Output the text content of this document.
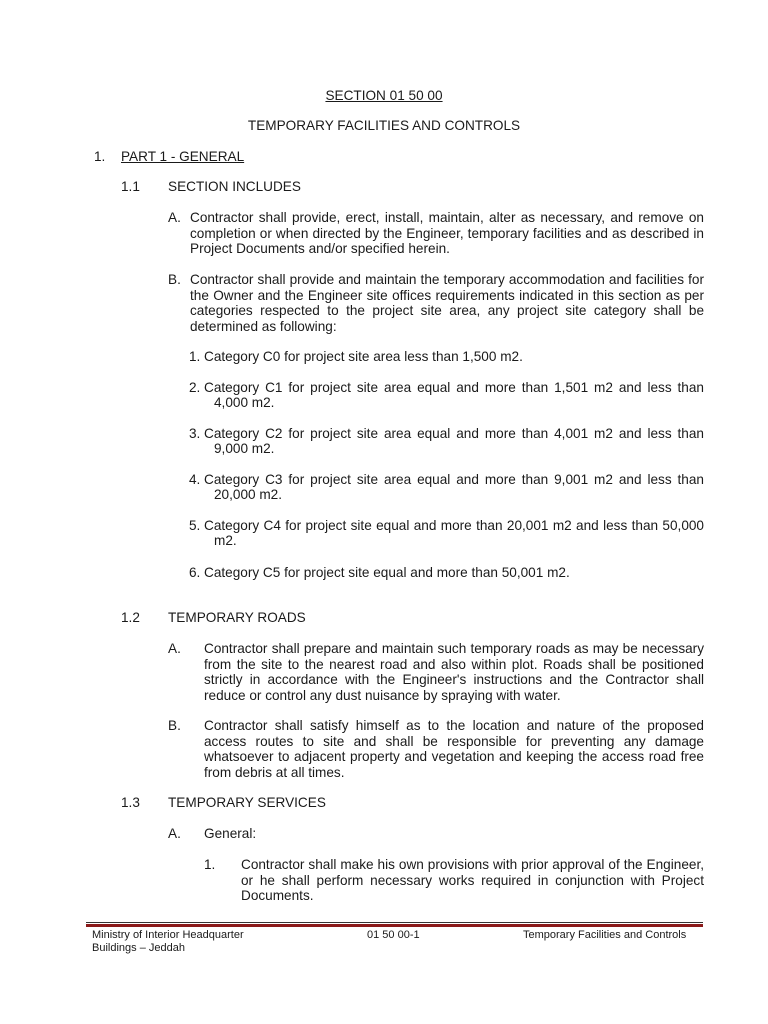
SECTION 01 50 00
TEMPORARY FACILITIES AND CONTROLS
1. PART 1 - GENERAL
1.1 SECTION INCLUDES
A. Contractor shall provide, erect, install, maintain, alter as necessary, and remove on completion or when directed by the Engineer, temporary facilities and as described in Project Documents and/or specified herein.

B. Contractor shall provide and maintain the temporary accommodation and facilities for the Owner and the Engineer site offices requirements indicated in this section as per categories respected to the project site area, any project site category shall be determined as following:

1. Category C0 for project site area less than 1,500 m2.
2. Category C1 for project site area equal and more than 1,501 m2 and less than
4,000 m2.
3. Category C2 for project site area equal and more than 4,001 m2 and less than
9,000 m2.
4. Category C3 for project site area equal and more than 9,001 m2 and less than
20,000 m2.
5. Category C4 for project site equal and more than 20,001 m2 and less than 50,000
m2.
6. Category C5 for project site equal and more than 50,001 m2.
1.2 TEMPORARY ROADS
A. Contractor shall prepare and maintain such temporary roads as may be necessary from the site to the nearest road and also within plot. Roads shall be positioned strictly in accordance with the Engineer's instructions and the Contractor shall reduce or control any dust nuisance by spraying with water.

B. Contractor shall satisfy himself as to the location and nature of the proposed access routes to site and shall be responsible for preventing any damage whatsoever to adjacent property and vegetation and keeping the access road free from debris at all times.

1.3 TEMPORARY SERVICES
A. General:
1. Contractor shall make his own provisions with prior approval of the Engineer, or he shall perform necessary works required in conjunction with Project Documents.

Ministry of Interior Headquarter
Buildings – Jeddah
01 50 00-1	Temporary Facilities and Controls
